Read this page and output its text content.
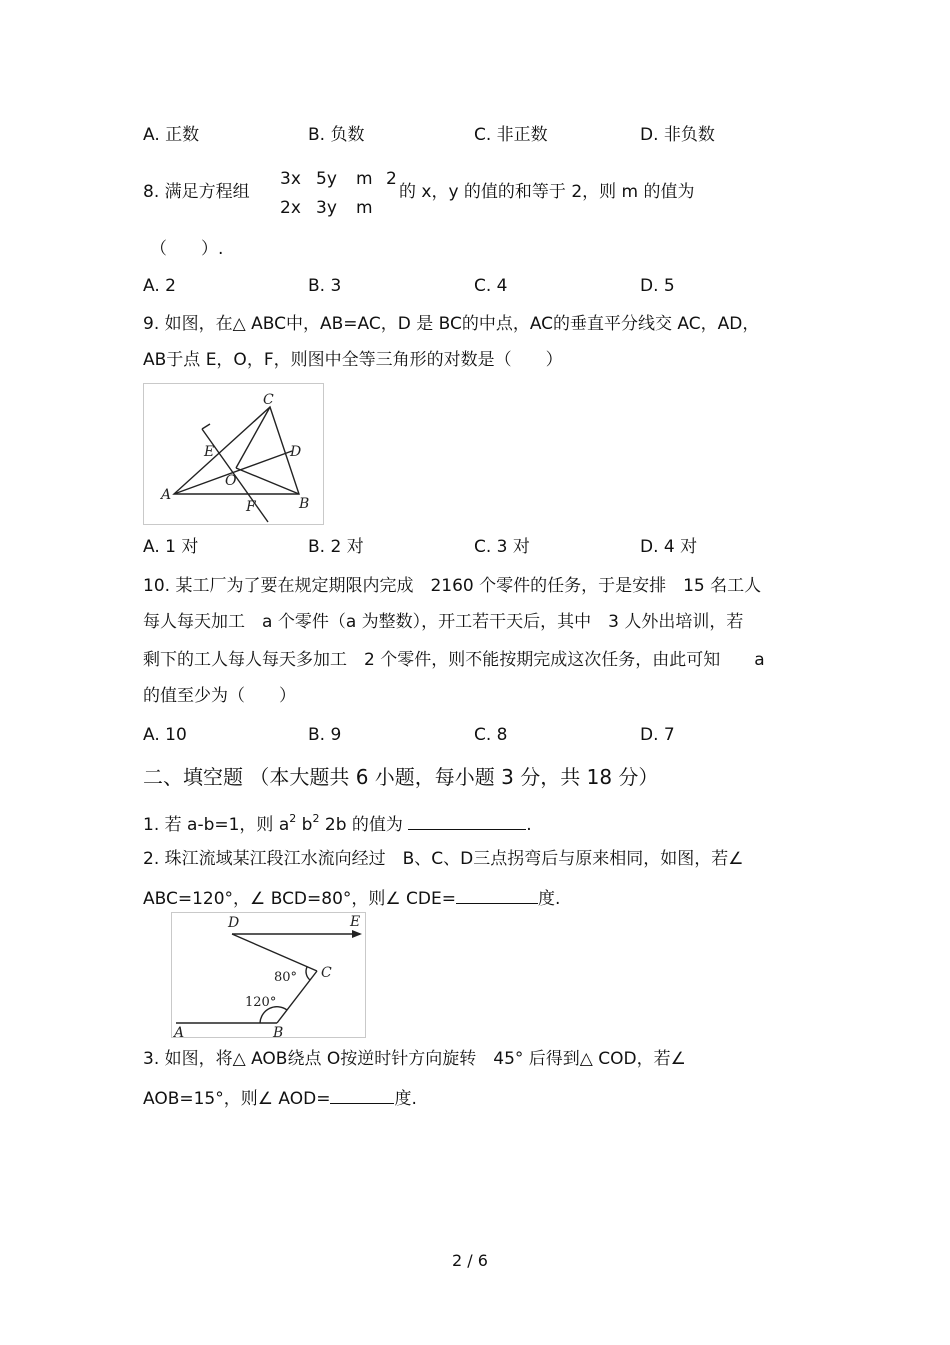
A. 正数	B. 负数	C. 非正数	D. 非负数
8. 满足方程组
3x 5y m 2
2x 3y m
的 x，y 的值的和等于 2，则 m 的值为
（　　）.
A. 2	B. 3	C. 4	D. 5
9. 如图，在△ ABC中，AB=AC，D 是 BC的中点，AC的垂直平分线交 AC，AD，
AB于点 E，O，F，则图中全等三角形的对数是（　　）
C
D
E
O
A
B
F
A. 1 对	B. 2 对	C. 3 对	D. 4 对
10. 某工厂为了要在规定期限内完成　2160 个零件的任务，于是安排　15 名工人
每人每天加工　a 个零件（a 为整数），开工若干天后，其中　3 人外出培训，若
剩下的工人每人每天多加工　2 个零件，则不能按期完成这次任务，由此可知　　a
的值至少为（　　）
A. 10	B. 9	C. 8	D. 7
二、填空题 （本大题共 6 小题，每小题 3 分，共 18 分）
1. 若 a-b=1，则 $a^2$ $b^2$ 2b 的值为	.
2. 珠江流域某江段江水流向经过　B、C、D三点拐弯后与原来相同，如图，若∠
ABC=120°，∠ BCD=80°，则∠ CDE=	度.
D	E
C
A	B
80°
120°
3. 如图，将△ AOB绕点 O按逆时针方向旋转　45° 后得到△ COD，若∠
AOB=15°，则∠ AOD=	度.
2 / 6
